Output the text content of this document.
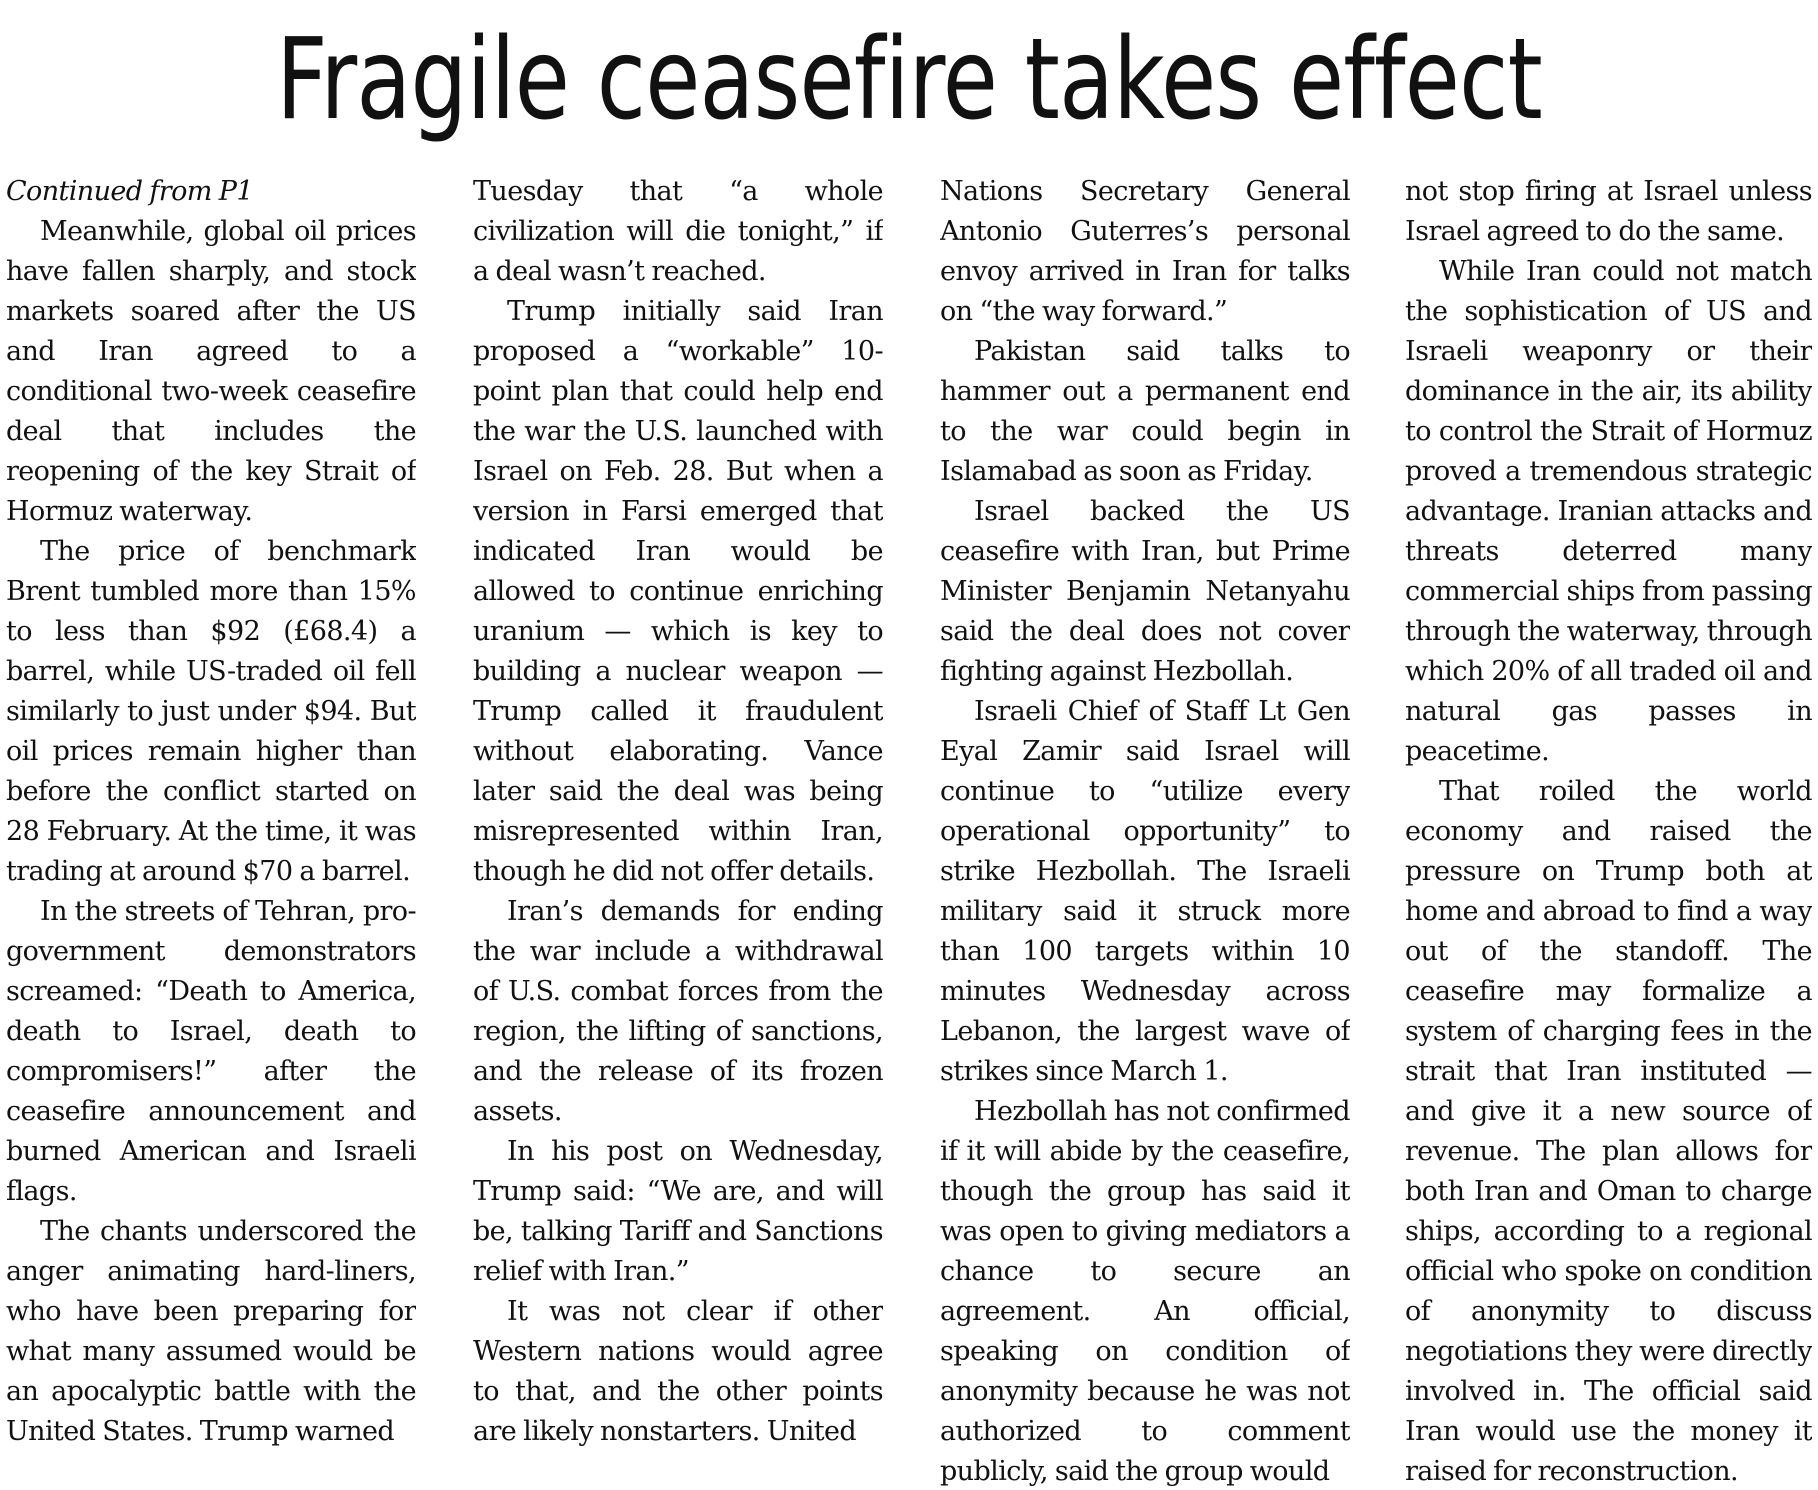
Fragile ceasefire takes effect
Continued from P1

Meanwhile, global oil prices have fallen sharply, and stock markets soared after the US and Iran agreed to a conditional two-week ceasefire deal that includes the reopening of the key Strait of Hormuz waterway.

The price of benchmark Brent tumbled more than 15% to less than $92 (£68.4) a barrel, while US-traded oil fell similarly to just under $94. But oil prices remain higher than before the conflict started on 28 February. At the time, it was trading at around $70 a barrel.

In the streets of Tehran, pro-government demonstrators screamed: “Death to America, death to Israel, death to compromisers!” after the ceasefire announcement and burned American and Israeli flags.

The chants underscored the anger animating hard-liners, who have been preparing for what many assumed would be an apocalyptic battle with the United States. Trump warned

Tuesday that “a whole civilization will die tonight,” if a deal wasn’t reached.

Trump initially said Iran proposed a “workable” 10-point plan that could help end the war the U.S. launched with Israel on Feb. 28. But when a version in Farsi emerged that indicated Iran would be allowed to continue enriching uranium — which is key to building a nuclear weapon — Trump called it fraudulent without elaborating. Vance later said the deal was being misrepresented within Iran, though he did not offer details.

Iran’s demands for ending the war include a withdrawal of U.S. combat forces from the region, the lifting of sanctions, and the release of its frozen assets.

In his post on Wednesday, Trump said: “We are, and will be, talking Tariff and Sanctions relief with Iran.”

It was not clear if other Western nations would agree to that, and the other points are likely nonstarters. United

Nations Secretary General Antonio Guterres’s personal envoy arrived in Iran for talks on “the way forward.”

Pakistan said talks to hammer out a permanent end to the war could begin in Islamabad as soon as Friday.

Israel backed the US ceasefire with Iran, but Prime Minister Benjamin Netanyahu said the deal does not cover fighting against Hezbollah.

Israeli Chief of Staff Lt Gen Eyal Zamir said Israel will continue to “utilize every operational opportunity” to strike Hezbollah. The Israeli military said it struck more than 100 targets within 10 minutes Wednesday across Lebanon, the largest wave of strikes since March 1.

Hezbollah has not confirmed if it will abide by the ceasefire, though the group has said it was open to giving mediators a chance to secure an agreement. An official, speaking on condition of anonymity because he was not authorized to comment publicly, said the group would

not stop firing at Israel unless Israel agreed to do the same.

While Iran could not match the sophistication of US and Israeli weaponry or their dominance in the air, its ability to control the Strait of Hormuz proved a tremendous strategic advantage. Iranian attacks and threats deterred many commercial ships from passing through the waterway, through which 20% of all traded oil and natural gas passes in peacetime.

That roiled the world economy and raised the pressure on Trump both at home and abroad to find a way out of the standoff. The ceasefire may formalize a system of charging fees in the strait that Iran instituted — and give it a new source of revenue. The plan allows for both Iran and Oman to charge ships, according to a regional official who spoke on condition of anonymity to discuss negotiations they were directly involved in. The official said Iran would use the money it raised for reconstruction.
